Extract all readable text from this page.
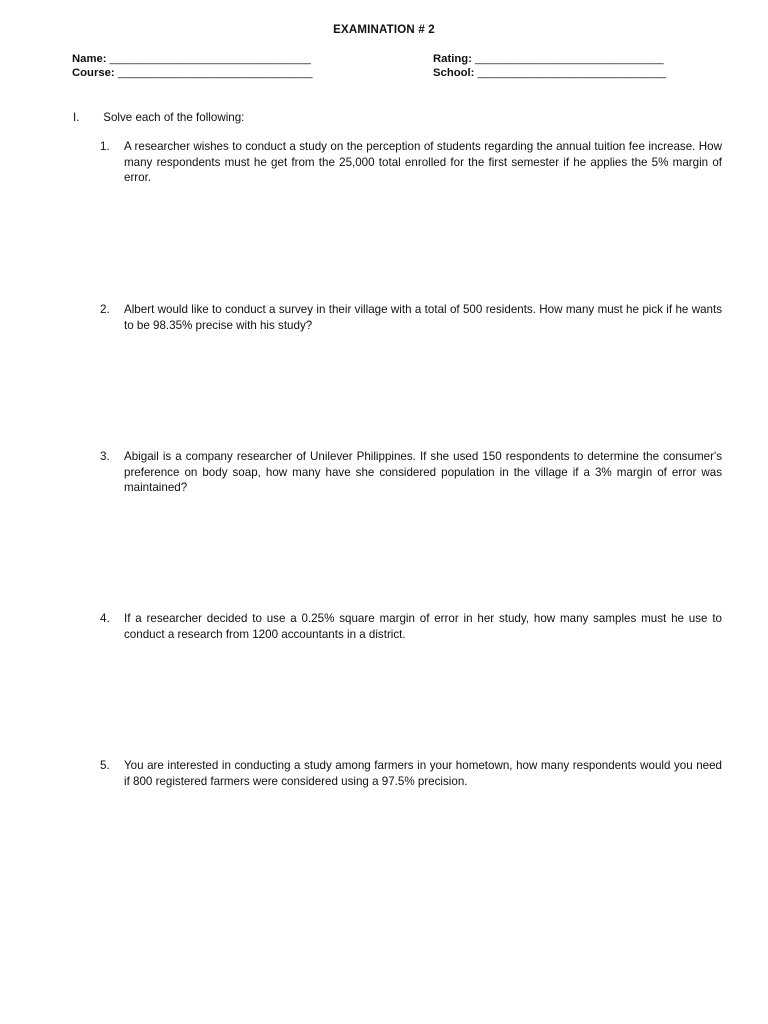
EXAMINATION # 2
Name: ________________________________	Rating: ______________________________
Course: _______________________________	School: ______________________________
I. Solve each of the following:
1.	A researcher wishes to conduct a study on the perception of students regarding the annual tuition fee increase. How many respondents must he get from the 25,000 total enrolled for the first semester if he applies the 5% margin of error.
2.	Albert would like to conduct a survey in their village with a total of 500 residents. How many must he pick if he wants to be 98.35% precise with his study?
3.	Abigail is a company researcher of Unilever Philippines. If she used 150 respondents to determine the consumer's preference on body soap, how many have she considered population in the village if a 3% margin of error was maintained?
4.	If a researcher decided to use a 0.25% square margin of error in her study, how many samples must he use to conduct a research from 1200 accountants in a district.
5.	You are interested in conducting a study among farmers in your hometown, how many respondents would you need if 800 registered farmers were considered using a 97.5% precision.
